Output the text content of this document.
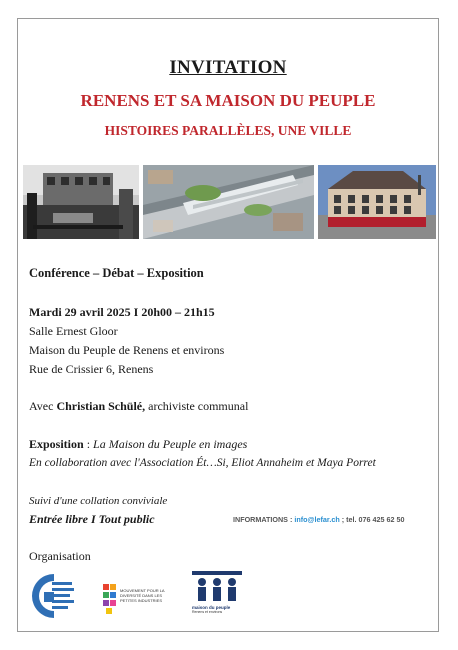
INVITATION
RENENS ET SA MAISON DU PEUPLE
HISTOIRES PARALLÈLES, UNE VILLE
Conférence – Débat – Exposition
Mardi 29 avril 2025 I 20h00 – 21h15
Salle Ernest Gloor
Maison du Peuple de Renens et environs
Rue de Crissier 6, Renens
Avec Christian Schülé, archiviste communal
Exposition : La Maison du Peuple en images
En collaboration avec l'Association Ét…Si, Eliot Annaheim et Maya Porret
Suivi d'une collation conviviale
Entrée libre I Tout public	INFORMATIONS : info@lefar.ch ; tel. 076 425 62 50
Organisation
MOUVEMENT POUR LA DIVERSITÉ DANS LES PETITES INDUSTRIES
maison du peuple
Renens et environs
